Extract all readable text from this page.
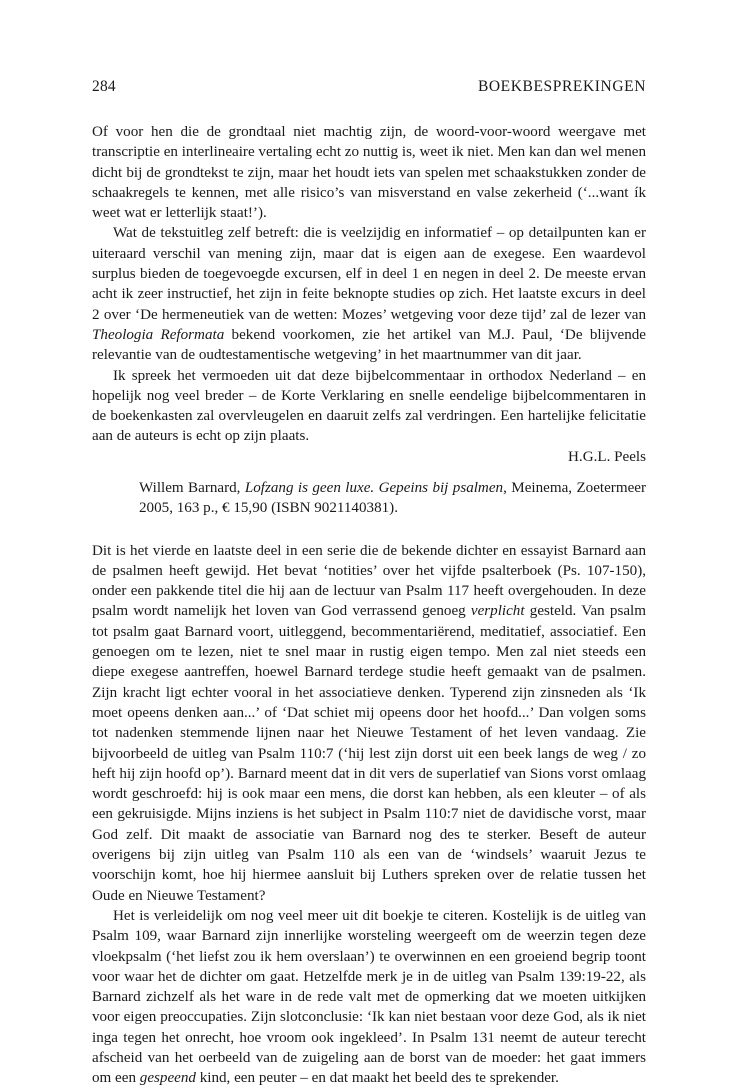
284	BOEKBESPREKINGEN

Of voor hen die de grondtaal niet machtig zijn, de woord-voor-woord weergave met transcriptie en interlineaire vertaling echt zo nuttig is, weet ik niet. Men kan dan wel menen dicht bij de grondtekst te zijn, maar het houdt iets van spelen met schaakstukken zonder de schaakregels te kennen, met alle risico’s van misverstand en valse zekerheid (‘...want ík weet wat er letterlijk staat!’).

Wat de tekstuitleg zelf betreft: die is veelzijdig en informatief – op detailpunten kan er uiteraard verschil van mening zijn, maar dat is eigen aan de exegese. Een waardevol surplus bieden de toegevoegde excursen, elf in deel 1 en negen in deel 2. De meeste ervan acht ik zeer instructief, het zijn in feite beknopte studies op zich. Het laatste excurs in deel 2 over ‘De hermeneutiek van de wetten: Mozes’ wetgeving voor deze tijd’ zal de lezer van Theologia Reformata bekend voorkomen, zie het artikel van M.J. Paul, ‘De blijvende relevantie van de oudtestamentische wetgeving’ in het maartnummer van dit jaar.

Ik spreek het vermoeden uit dat deze bijbelcommentaar in orthodox Nederland – en hopelijk nog veel breder – de Korte Verklaring en snelle eendelige bijbelcommentaren in de boekenkasten zal overvleugelen en daaruit zelfs zal verdringen. Een hartelijke felicitatie aan de auteurs is echt op zijn plaats.

H.G.L. Peels
Willem Barnard, Lofzang is geen luxe. Gepeins bij psalmen, Meinema, Zoetermeer 2005, 163 p., € 15,90 (ISBN 9021140381).

Dit is het vierde en laatste deel in een serie die de bekende dichter en essayist Barnard aan de psalmen heeft gewijd. Het bevat ‘notities’ over het vijfde psalterboek (Ps. 107-150), onder een pakkende titel die hij aan de lectuur van Psalm 117 heeft overgehouden. In deze psalm wordt namelijk het loven van God verrassend genoeg verplicht gesteld. Van psalm tot psalm gaat Barnard voort, uitleggend, becommentariërend, meditatief, associatief. Een genoegen om te lezen, niet te snel maar in rustig eigen tempo. Men zal niet steeds een diepe exegese aantreffen, hoewel Barnard terdege studie heeft gemaakt van de psalmen. Zijn kracht ligt echter vooral in het associatieve denken. Typerend zijn zinsneden als ‘Ik moet opeens denken aan...’ of ‘Dat schiet mij opeens door het hoofd...’ Dan volgen soms tot nadenken stemmende lijnen naar het Nieuwe Testament of het leven vandaag. Zie bijvoorbeeld de uitleg van Psalm 110:7 (‘hij lest zijn dorst uit een beek langs de weg / zo heft hij zijn hoofd op’). Barnard meent dat in dit vers de superlatief van Sions vorst omlaag wordt geschroefd: hij is ook maar een mens, die dorst kan hebben, als een kleuter – of als een gekruisigde. Mijns inziens is het subject in Psalm 110:7 niet de davidische vorst, maar God zelf. Dit maakt de associatie van Barnard nog des te sterker. Beseft de auteur overigens bij zijn uitleg van Psalm 110 als een van de ‘windsels’ waaruit Jezus te voorschijn komt, hoe hij hiermee aansluit bij Luthers spreken over de relatie tussen het Oude en Nieuwe Testament?

Het is verleidelijk om nog veel meer uit dit boekje te citeren. Kostelijk is de uitleg van Psalm 109, waar Barnard zijn innerlijke worsteling weergeeft om de weerzin tegen deze vloekpsalm (‘het liefst zou ik hem overslaan’) te overwinnen en een groeiend begrip toont voor waar het de dichter om gaat. Hetzelfde merk je in de uitleg van Psalm 139:19-22, als Barnard zichzelf als het ware in de rede valt met de opmerking dat we moeten uitkijken voor eigen preoccupaties. Zijn slotconclusie: ‘Ik kan niet bestaan voor deze God, als ik niet inga tegen het onrecht, hoe vroom ook ingekleed’. In Psalm 131 neemt de auteur terecht afscheid van het oerbeeld van de zuigeling aan de borst van de moeder: het gaat immers om een gespeend kind, een peuter – en dat maakt het beeld des te sprekender.
